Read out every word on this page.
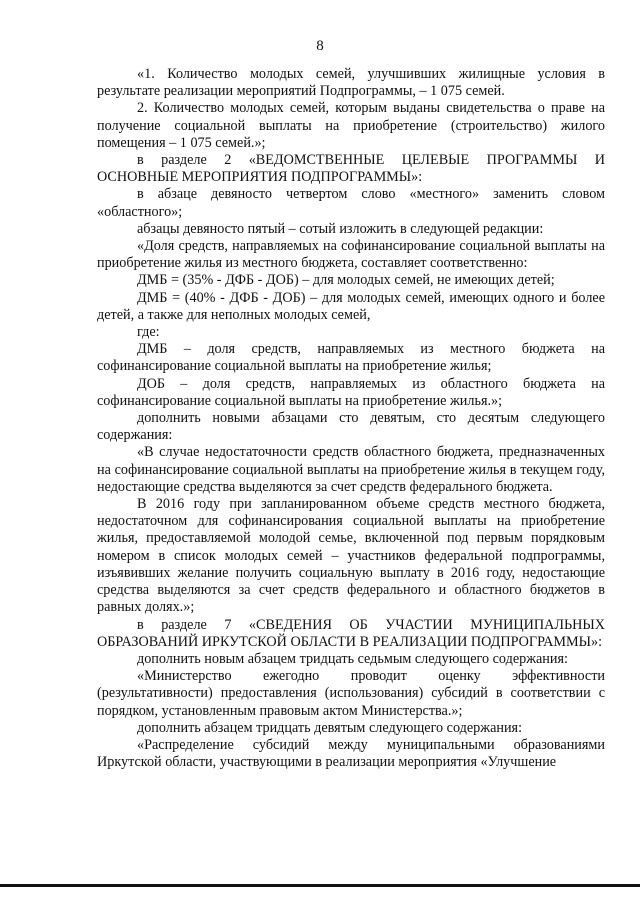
8

«1. Количество молодых семей, улучшивших жилищные условия в результате реализации мероприятий Подпрограммы, – 1 075 семей.

2. Количество молодых семей, которым выданы свидетельства о праве на получение социальной выплаты на приобретение (строительство) жилого помещения – 1 075 семей.»;

в разделе 2 «ВЕДОМСТВЕННЫЕ ЦЕЛЕВЫЕ ПРОГРАММЫ И ОСНОВНЫЕ МЕРОПРИЯТИЯ ПОДПРОГРАММЫ»:

в абзаце девяносто четвертом слово «местного» заменить словом «областного»;

абзацы девяносто пятый – сотый изложить в следующей редакции:

«Доля средств, направляемых на софинансирование социальной выплаты на приобретение жилья из местного бюджета, составляет соответственно:

ДМБ = (35% - ДФБ - ДОБ) – для молодых семей, не имеющих детей;

ДМБ = (40% - ДФБ - ДОБ) – для молодых семей, имеющих одного и более детей, а также для неполных молодых семей,

где:

ДМБ – доля средств, направляемых из местного бюджета на софинансирование социальной выплаты на приобретение жилья;

ДОБ – доля средств, направляемых из областного бюджета на софинансирование социальной выплаты на приобретение жилья.»;

дополнить новыми абзацами сто девятым, сто десятым следующего содержания:

«В случае недостаточности средств областного бюджета, предназначенных на софинансирование социальной выплаты на приобретение жилья в текущем году, недостающие средства выделяются за счет средств федерального бюджета.

В 2016 году при запланированном объеме средств местного бюджета, недостаточном для софинансирования социальной выплаты на приобретение жилья, предоставляемой молодой семье, включенной под первым порядковым номером в список молодых семей – участников федеральной подпрограммы, изъявивших желание получить социальную выплату в 2016 году, недостающие средства выделяются за счет средств федерального и областного бюджетов в равных долях.»;

в разделе 7 «СВЕДЕНИЯ ОБ УЧАСТИИ МУНИЦИПАЛЬНЫХ ОБРАЗОВАНИЙ ИРКУТСКОЙ ОБЛАСТИ В РЕАЛИЗАЦИИ ПОДПРОГРАММЫ»:

дополнить новым абзацем тридцать седьмым следующего содержания:

«Министерство ежегодно проводит оценку эффективности (результативности) предоставления (использования) субсидий в соответствии с порядком, установленным правовым актом Министерства.»;

дополнить абзацем тридцать девятым следующего содержания:

«Распределение субсидий между муниципальными образованиями Иркутской области, участвующими в реализации мероприятия «Улучшение
